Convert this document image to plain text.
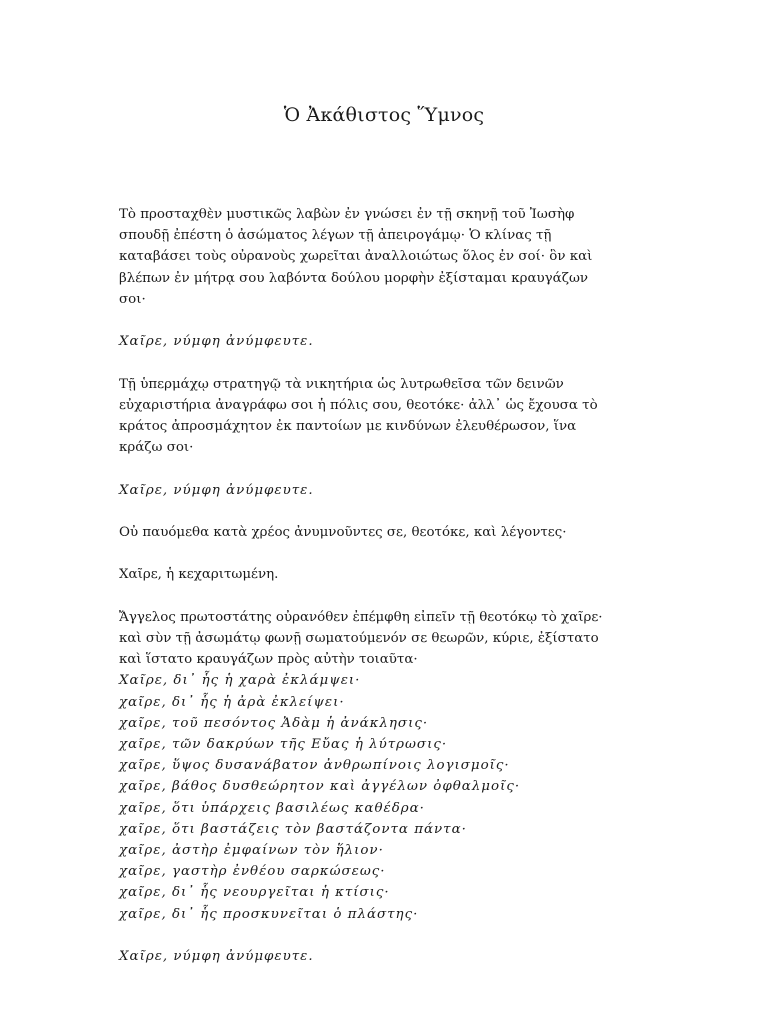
Ὁ Ἀκάθιστος Ὕμνος

Τὸ προσταχθὲν μυστικῶς λαβὼν ἐν γνώσει ἐν τῇ σκηνῇ τοῦ Ἰωσὴφ
σπουδῇ ἐπέστη ὁ ἀσώματος λέγων τῇ ἀπειρογάμῳ· Ὁ κλίνας τῇ
καταβάσει τοὺς οὐρανοὺς χωρεῖται ἀναλλοιώτως ὅλος ἐν σοί· ὃν καὶ
βλέπων ἐν μήτρᾳ σου λαβόντα δούλου μορφὴν ἐξίσταμαι κραυγάζων
σοι·

Χαῖρε, νύμφη ἀνύμφευτε.

Τῇ ὑπερμάχῳ στρατηγῷ τὰ νικητήρια ὡς λυτρωθεῖσα τῶν δεινῶν
εὐχαριστήρια ἀναγράφω σοι ἡ πόλις σου, θεοτόκε· ἀλλ᾽ ὡς ἔχουσα τὸ
κράτος ἀπροσμάχητον ἐκ παντοίων με κινδύνων ἐλευθέρωσον, ἵνα
κράζω σοι·

Χαῖρε, νύμφη ἀνύμφευτε.

Οὐ παυόμεθα κατὰ χρέος ἀνυμνοῦντες σε, θεοτόκε, καὶ λέγοντες·

Χαῖρε, ἡ κεχαριτωμένη.

Ἄγγελος πρωτοστάτης οὐρανόθεν ἐπέμφθη εἰπεῖν τῇ θεοτόκῳ τὸ χαῖρε·
καὶ σὺν τῇ ἀσωμάτῳ φωνῇ σωματούμενόν σε θεωρῶν, κύριε, ἐξίστατο
καὶ ἵστατο κραυγάζων πρὸς αὐτὴν τοιαῦτα·
Χαῖρε, δι᾽ ἧς ἡ χαρὰ ἐκλάμψει·
χαῖρε, δι᾽ ἧς ἡ ἀρὰ ἐκλείψει·
χαῖρε, τοῦ πεσόντος Ἀδὰμ ἡ ἀνάκλησις·
χαῖρε, τῶν δακρύων τῆς Εὔας ἡ λύτρωσις·
χαῖρε, ὕψος δυσανάβατον ἀνθρωπίνοις λογισμοῖς·
χαῖρε, βάθος δυσθεώρητον καὶ ἀγγέλων ὀφθαλμοῖς·
χαῖρε, ὅτι ὑπάρχεις βασιλέως καθέδρα·
χαῖρε, ὅτι βαστάζεις τὸν βαστάζοντα πάντα·
χαῖρε, ἀστὴρ ἐμφαίνων τὸν ἥλιον·
χαῖρε, γαστὴρ ἐνθέου σαρκώσεως·
χαῖρε, δι᾽ ἧς νεουργεῖται ἡ κτίσις·
χαῖρε, δι᾽ ἧς προσκυνεῖται ὁ πλάστης·

Χαῖρε, νύμφη ἀνύμφευτε.
